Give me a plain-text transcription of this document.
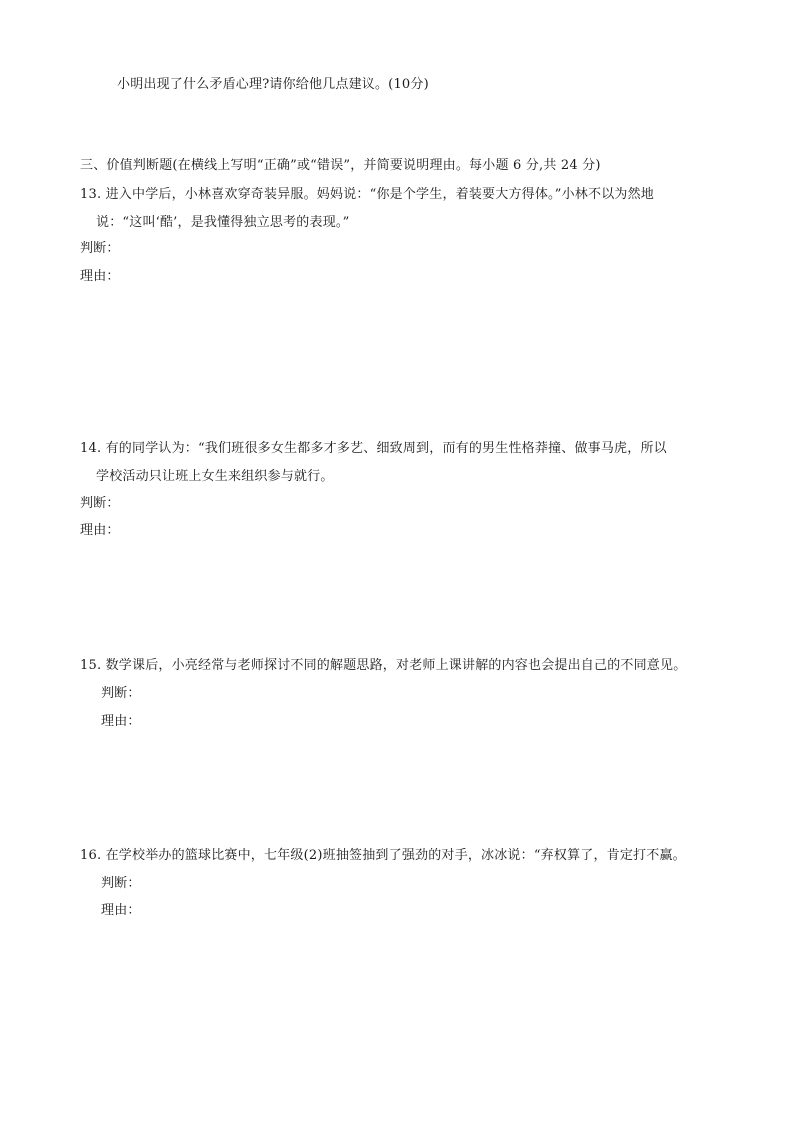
小明出现了什么矛盾心理?请你给他几点建议。(10分)
三、价值判断题(在横线上写明“正确”或“错误”，并简要说明理由。每小题 6 分,共 24 分)
13. 进入中学后，小林喜欢穿奇装异服。妈妈说：“你是个学生，着装要大方得体。”小林不以为然地
说：“这叫‘酷’，是我懂得独立思考的表现。”
判断：
理由：
14. 有的同学认为：“我们班很多女生都多才多艺、细致周到，而有的男生性格莽撞、做事马虎，所以
学校活动只让班上女生来组织参与就行。
判断：
理由：
15. 数学课后，小亮经常与老师探讨不同的解题思路，对老师上课讲解的内容也会提出自己的不同意见。
判断：
理由：
16. 在学校举办的篮球比赛中，七年级(2)班抽签抽到了强劲的对手，冰冰说：“弃权算了，肯定打不赢。
判断：
理由：
